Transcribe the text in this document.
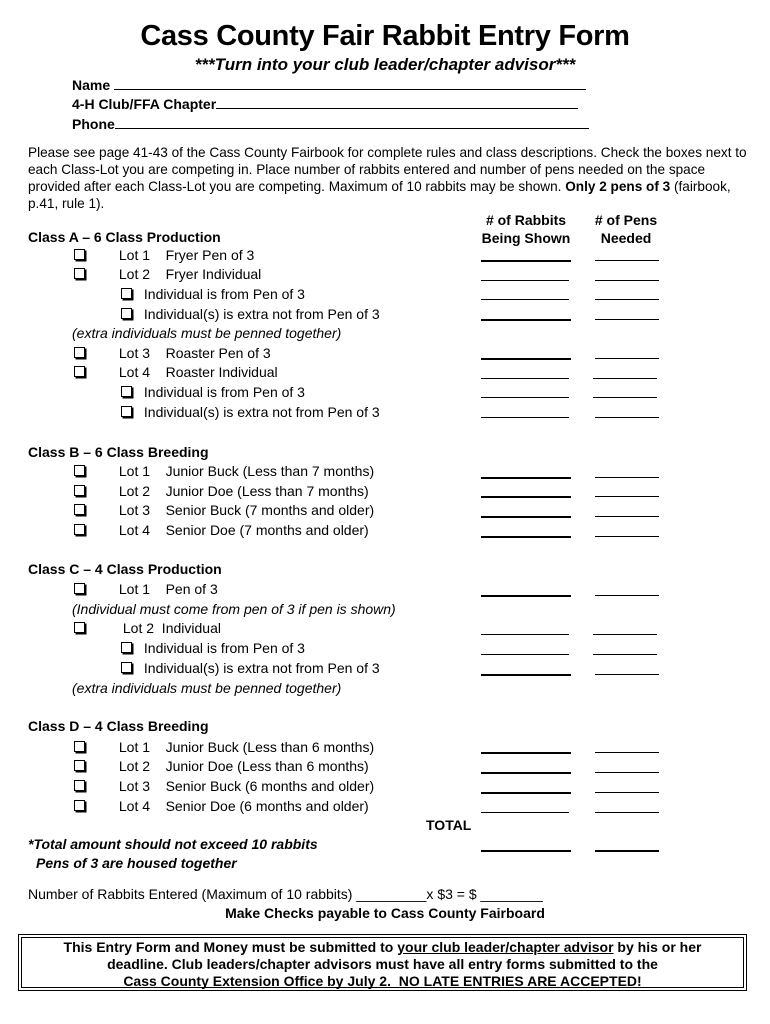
Cass County Fair Rabbit Entry Form
***Turn into your club leader/chapter advisor***
Name
4-H Club/FFA Chapter
Phone
Please see page 41-43 of the Cass County Fairbook for complete rules and class descriptions. Check the boxes next to each Class-Lot you are competing in. Place number of rabbits entered and number of pens needed on the space provided after each Class-Lot you are competing. Maximum of 10 rabbits may be shown. Only 2 pens of 3 (fairbook, p.41, rule 1).
# of Rabbits
Being Shown
# of Pens
Needed
Class A – 6 Class Production
Lot 1    Fryer Pen of 3
Lot 2    Fryer Individual
Individual is from Pen of 3
Individual(s) is extra not from Pen of 3
(extra individuals must be penned together)
Lot 3    Roaster Pen of 3
Lot 4    Roaster Individual
Individual is from Pen of 3
Individual(s) is extra not from Pen of 3
Class B – 6 Class Breeding
Lot 1    Junior Buck (Less than 7 months)
Lot 2    Junior Doe (Less than 7 months)
Lot 3    Senior Buck (7 months and older)
Lot 4    Senior Doe (7 months and older)
Class C – 4 Class Production
Lot 1    Pen of 3
(Individual must come from pen of 3 if pen is shown)
Lot 2  Individual
Individual is from Pen of 3
Individual(s) is extra not from Pen of 3
(extra individuals must be penned together)
Class D – 4 Class Breeding
Lot 1    Junior Buck (Less than 6 months)
Lot 2    Junior Doe (Less than 6 months)
Lot 3    Senior Buck (6 months and older)
Lot 4    Senior Doe (6 months and older)
TOTAL
*Total amount should not exceed 10 rabbits
Pens of 3 are housed together
Number of Rabbits Entered (Maximum of 10 rabbits) _________x $3 = $ ________
Make Checks payable to Cass County Fairboard
This Entry Form and Money must be submitted to your club leader/chapter advisor by his or her
deadline. Club leaders/chapter advisors must have all entry forms submitted to the
Cass County Extension Office by July 2.  NO LATE ENTRIES ARE ACCEPTED!
